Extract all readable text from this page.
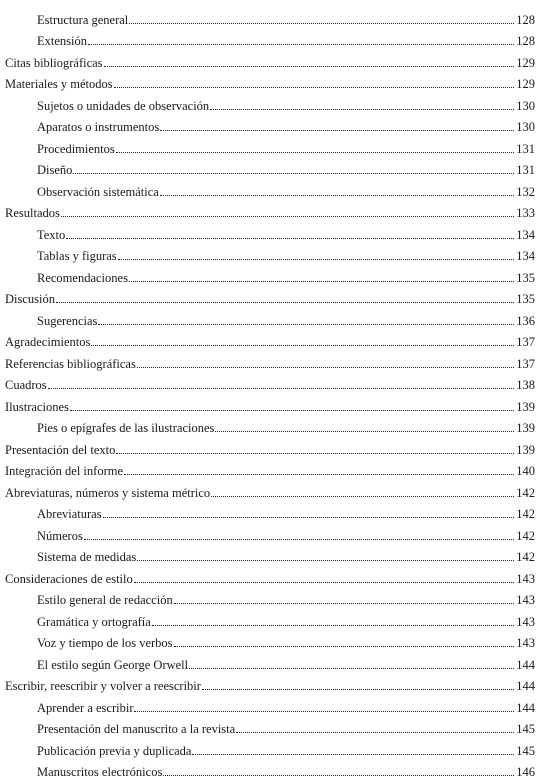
Estructura general	128
Extensión	128
Citas bibliográficas	129
Materiales y métodos	129
Sujetos o unidades de observación	130
Aparatos o instrumentos	130
Procedimientos	131
Diseño	131
Observación sistemática	132
Resultados	133
Texto	134
Tablas y figuras	134
Recomendaciones	135
Discusión	135
Sugerencias	136
Agradecimientos	137
Referencias bibliográficas	137
Cuadros	138
Ilustraciones	139
Pies o epígrafes de las ilustraciones	139
Presentación del texto	139
Integración del informe	140
Abreviaturas, números y sistema métrico	142
Abreviaturas	142
Números	142
Sistema de medidas	142
Consideraciones de estilo	143
Estilo general de redacción	143
Gramática y ortografía	143
Voz y tiempo de los verbos	143
El estilo según George Orwell	144
Escribir, reescribir y volver a reescribir	144
Aprender a escribir	144
Presentación del manuscrito a la revista	145
Publicación previa y duplicada	145
Manuscritos electrónicos	146
